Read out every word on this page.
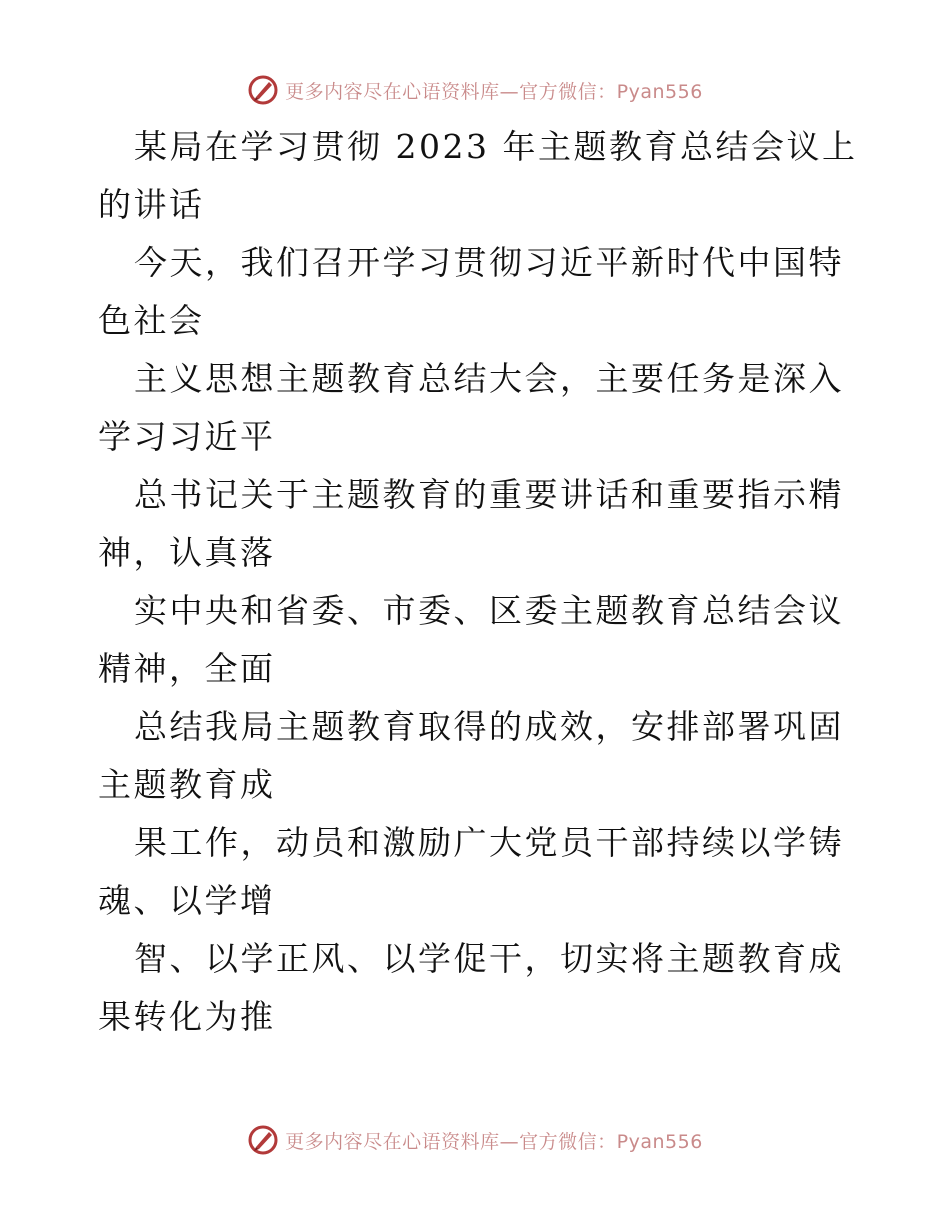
更多内容尽在心语资料库—官方微信：Pyan556

某局在学习贯彻 2023 年主题教育总结会议上的讲话

今天，我们召开学习贯彻习近平新时代中国特色社会

主义思想主题教育总结大会，主要任务是深入学习习近平

总书记关于主题教育的重要讲话和重要指示精神，认真落

实中央和省委、市委、区委主题教育总结会议精神，全面

总结我局主题教育取得的成效，安排部署巩固主题教育成

果工作，动员和激励广大党员干部持续以学铸魂、以学增

智、以学正风、以学促干，切实将主题教育成果转化为推

更多内容尽在心语资料库—官方微信：Pyan556
